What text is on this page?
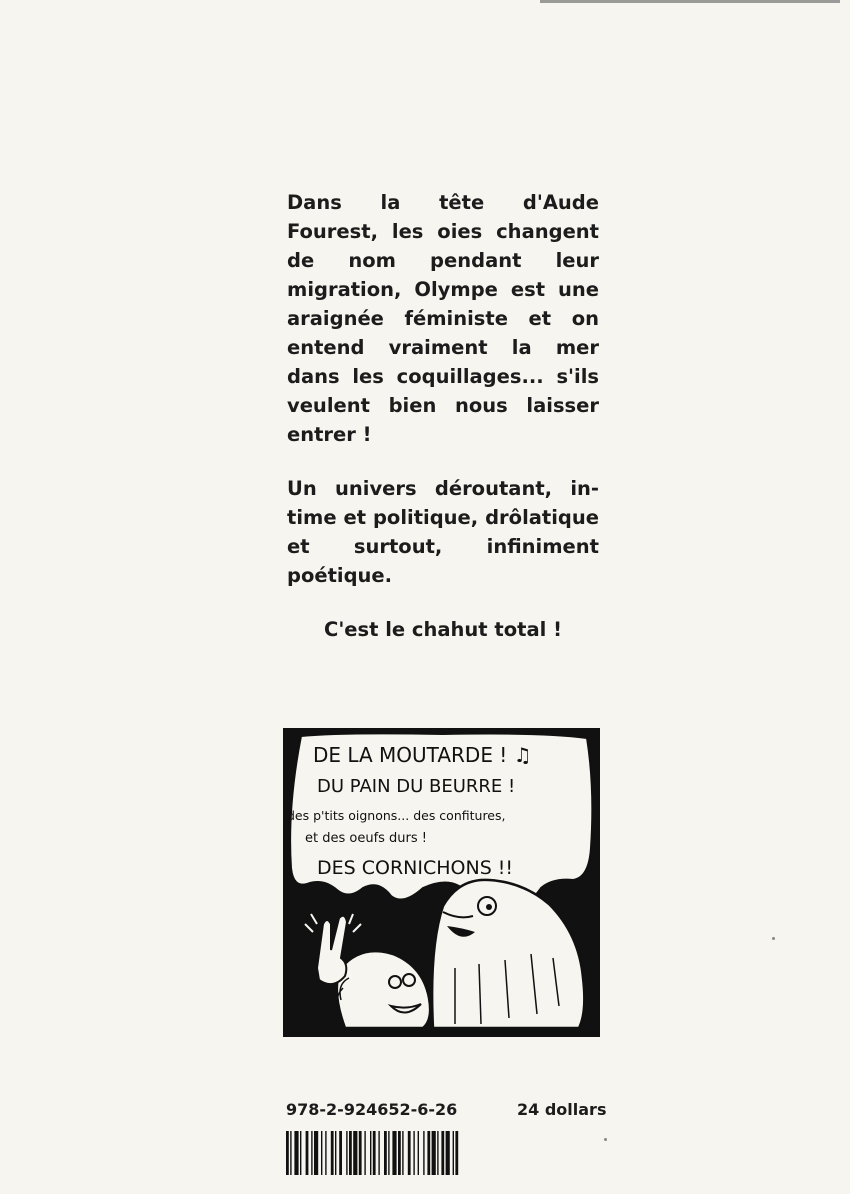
Dans la tête d'Aude Fourest, les oies changent de nom pendant leur migration, Olympe est une araignée féministe et on entend vraiment la mer dans les coquillages... s'ils veulent bien nous laisser entrer !

Un univers déroutant, intime et politique, drôlatique et surtout, infiniment poétique.

C'est le chahut total !

DE LA MOUTARDE ! ♫
DU PAIN DU BEURRE !
des p'tits oignons... des confitures,
et des oeufs durs !
DES CORNICHONS !!
978-2-924652-6-26	24 dollars
